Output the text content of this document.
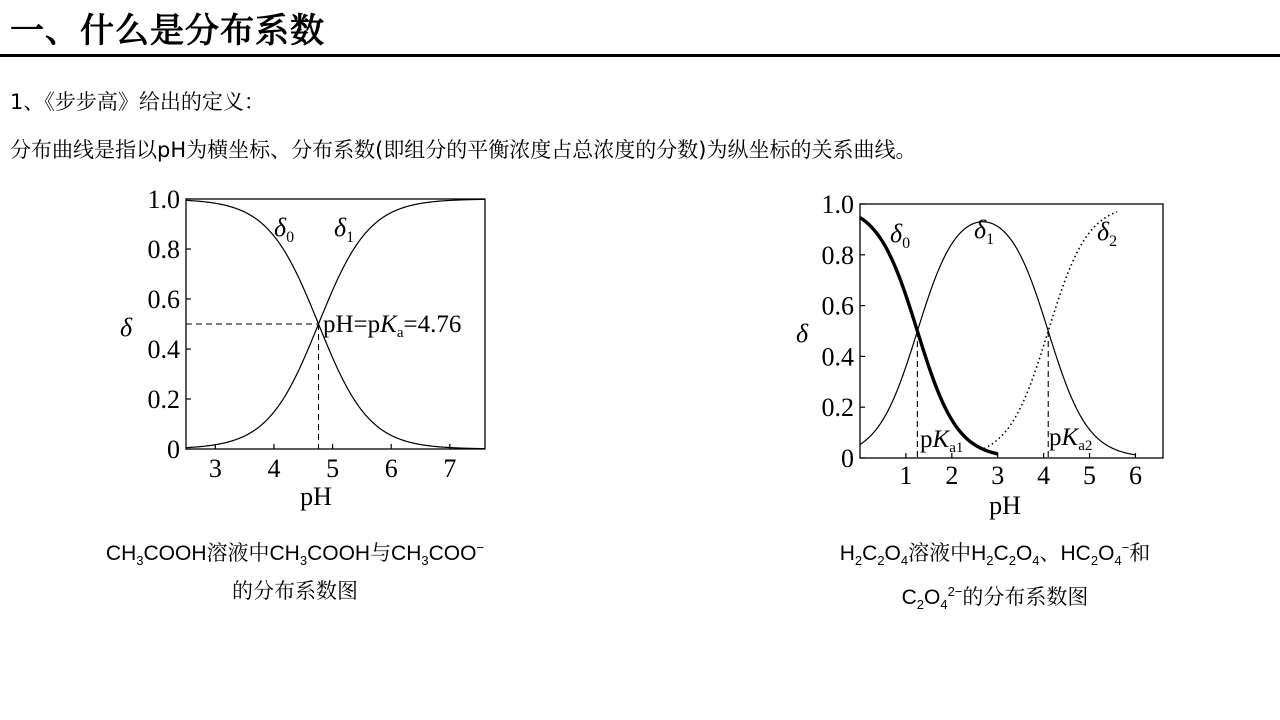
一、什么是分布系数
1、《步步高》给出的定义：
分布曲线是指以pH为横坐标、分布系数(即组分的平衡浓度占总浓度的分数)为纵坐标的关系曲线。
0
0.2
0.4
0.6
0.8
1.0
3 4 5 6 7
$\delta_0$ $\delta_1$
$pH=pK_a=4.76$
δ
pH
0
0.2
0.4
0.6
0.8
1.0
1 2 3 4 5 6
$\delta_0$ $\delta_1$	$\delta_2$
$pK_{a1}$	$pK_{a2}$
δ
pH
$CH_3COOH$溶液中$CH_3COOH$与$CH_3COO^-$
的分布系数图
$H_2C_2O_4$溶液中$H_2C_2O_4$、$HC_2O_4^-$和
$C_2O_4^{2-}$的分布系数图
